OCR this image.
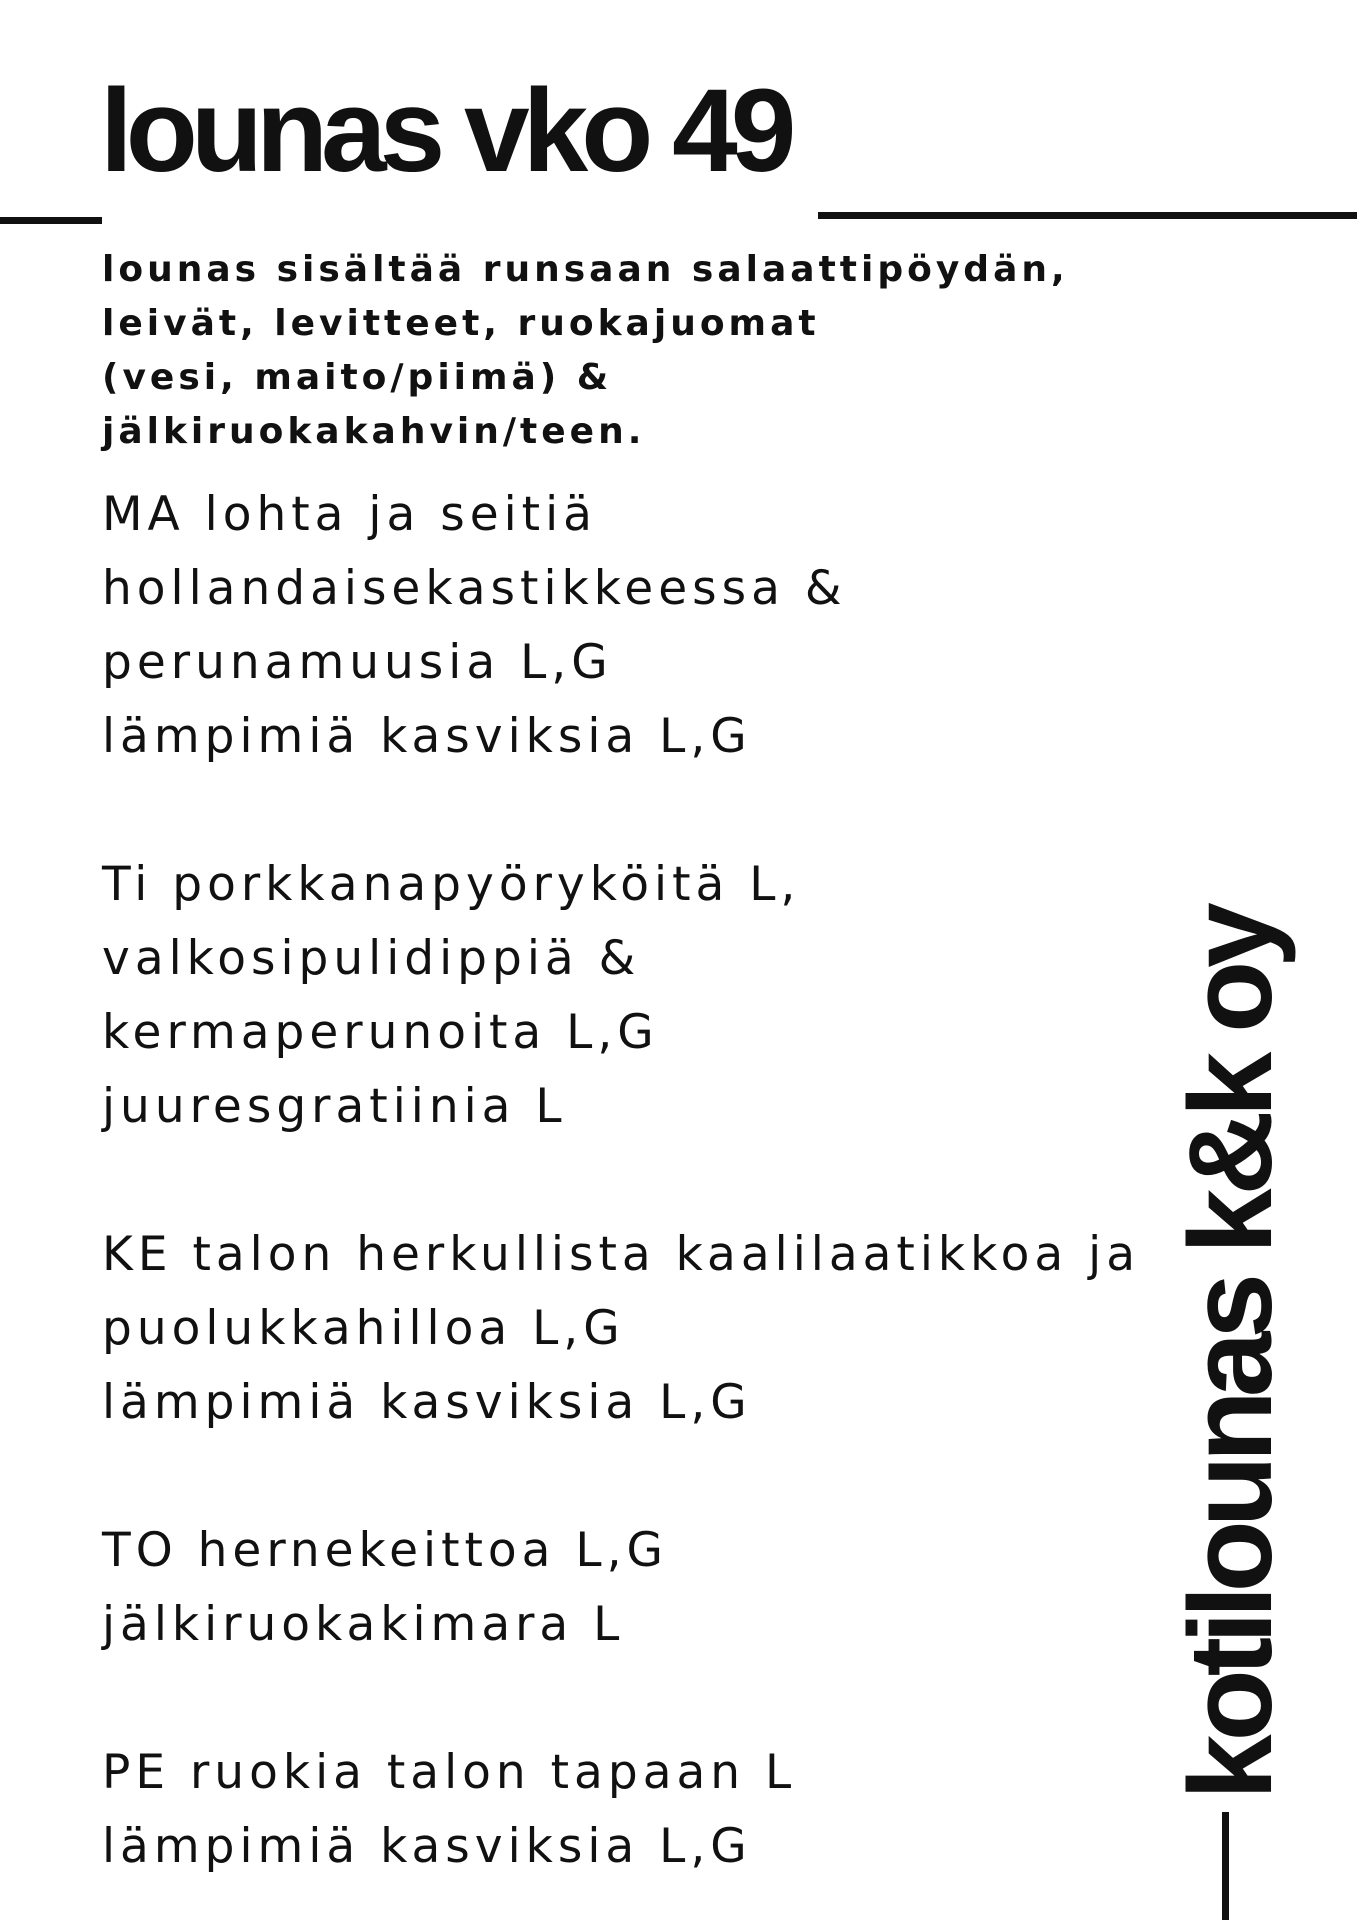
lounas vko 49
lounas sisältää runsaan salaattipöydän,
leivät, levitteet, ruokajuomat
(vesi, maito/piimä) &
jälkiruokakahvin/teen.
MA lohta ja seitiä
hollandaisekastikkeessa &
perunamuusia L,G
lämpimiä kasviksia L,G
Ti porkkanapyöryköitä L,
valkosipulidippiä &
kermaperunoita L,G
juuresgratiinia L
KE talon herkullista kaalilaatikkoa ja
puolukkahilloa L,G
lämpimiä kasviksia L,G
TO hernekeittoa L,G
jälkiruokakimara L
PE ruokia talon tapaan L
lämpimiä kasviksia L,G
kotilounas k&k oy
